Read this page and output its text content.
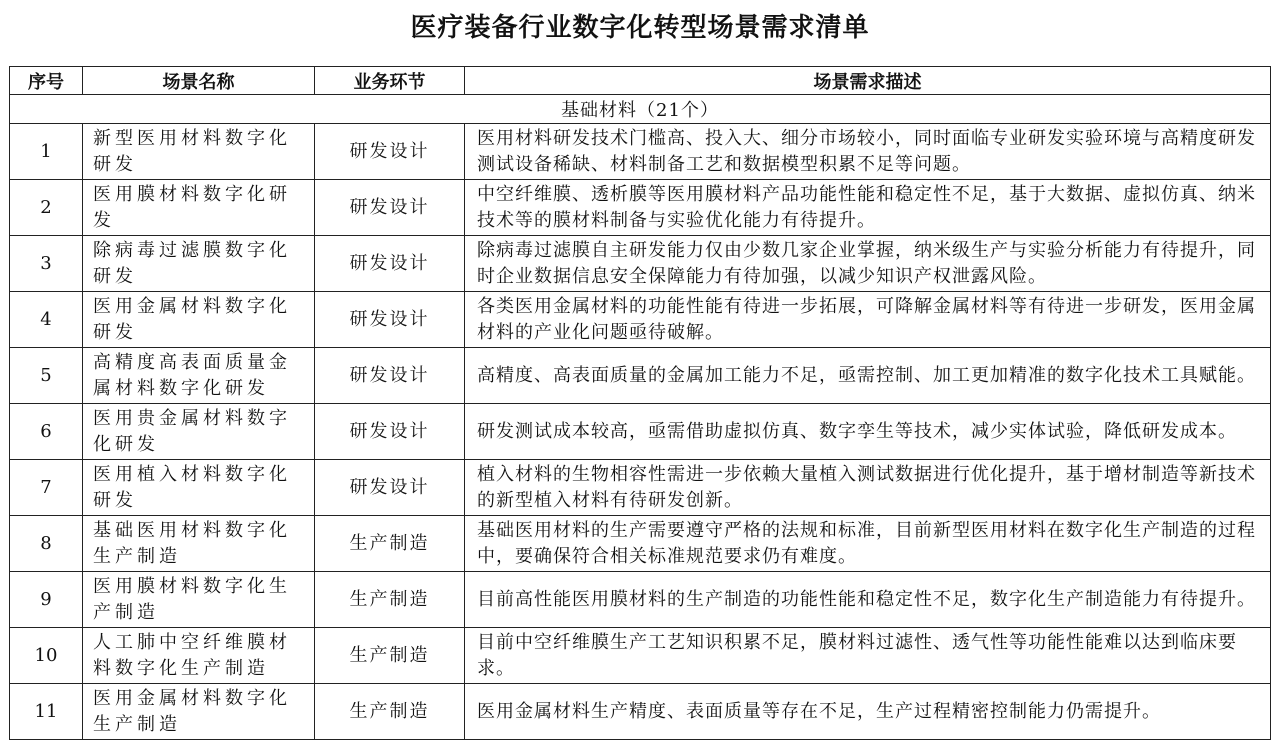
医疗装备行业数字化转型场景需求清单
序号	场景名称	业务环节	场景需求描述
基础材料（21个）			
1	新型医用材料数字化研发	研发设计	医用材料研发技术门槛高、投入大、细分市场较小，同时面临专业研发实验环境与高精度研发测试设备稀缺、材料制备工艺和数据模型积累不足等问题。
2	医用膜材料数字化研发	研发设计	中空纤维膜、透析膜等医用膜材料产品功能性能和稳定性不足，基于大数据、虚拟仿真、纳米技术等的膜材料制备与实验优化能力有待提升。
3	除病毒过滤膜数字化研发	研发设计	除病毒过滤膜自主研发能力仅由少数几家企业掌握，纳米级生产与实验分析能力有待提升，同时企业数据信息安全保障能力有待加强，以减少知识产权泄露风险。
4	医用金属材料数字化研发	研发设计	各类医用金属材料的功能性能有待进一步拓展，可降解金属材料等有待进一步研发，医用金属材料的产业化问题亟待破解。
5	高精度高表面质量金属材料数字化研发	研发设计	高精度、高表面质量的金属加工能力不足，亟需控制、加工更加精准的数字化技术工具赋能。
6	医用贵金属材料数字化研发	研发设计	研发测试成本较高，亟需借助虚拟仿真、数字孪生等技术，减少实体试验，降低研发成本。
7	医用植入材料数字化研发	研发设计	植入材料的生物相容性需进一步依赖大量植入测试数据进行优化提升，基于增材制造等新技术的新型植入材料有待研发创新。
8	基础医用材料数字化生产制造	生产制造	基础医用材料的生产需要遵守严格的法规和标准，目前新型医用材料在数字化生产制造的过程中，要确保符合相关标准规范要求仍有难度。
9	医用膜材料数字化生产制造	生产制造	目前高性能医用膜材料的生产制造的功能性能和稳定性不足，数字化生产制造能力有待提升。
10	人工肺中空纤维膜材料数字化生产制造	生产制造	目前中空纤维膜生产工艺知识积累不足，膜材料过滤性、透气性等功能性能难以达到临床要求。
11	医用金属材料数字化生产制造	生产制造	医用金属材料生产精度、表面质量等存在不足，生产过程精密控制能力仍需提升。
